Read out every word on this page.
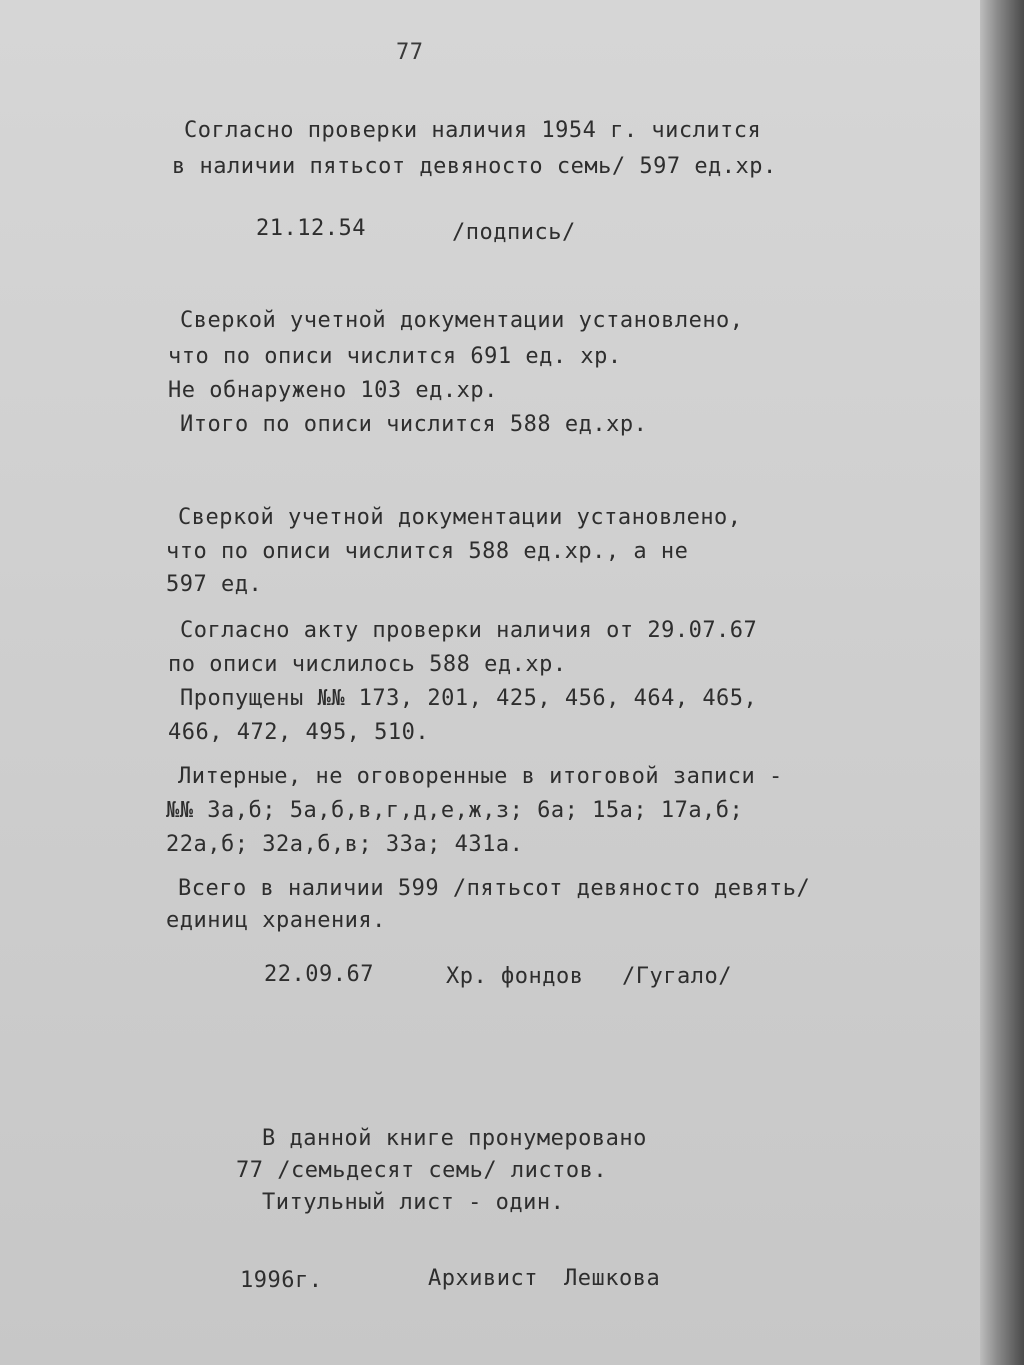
77

Согласно проверки наличия 1954 г. числится

в наличии пятьсот девяносто семь/ 597 ед.хр.

21.12.54	/подпись/

Сверкой учетной документации установлено,

что по описи числится 691 ед. хр.

Не обнаружено 103 ед.хр.

Итого по описи числится 588 ед.хр.

Сверкой учетной документации установлено,

что по описи числится 588 ед.хр., а не

597 ед.

Согласно акту проверки наличия от 29.07.67

по описи числилось 588 ед.хр.

Пропущены №№ 173, 201, 425, 456, 464, 465,

466, 472, 495, 510.

Литерные, не оговоренные в итоговой записи -

№№ 3а,б; 5а,б,в,г,д,е,ж,з; 6а; 15а; 17а,б;

22а,б; 32а,б,в; 33а; 431а.

Всего в наличии 599 /пятьсот девяносто девять/

единиц хранения.

22.09.67	Хр. фондов /Гугало/

В данной книге пронумеровано

77 /семьдесят семь/ листов.

Титульный лист - один.

1996г.	Архивист Лешкова
